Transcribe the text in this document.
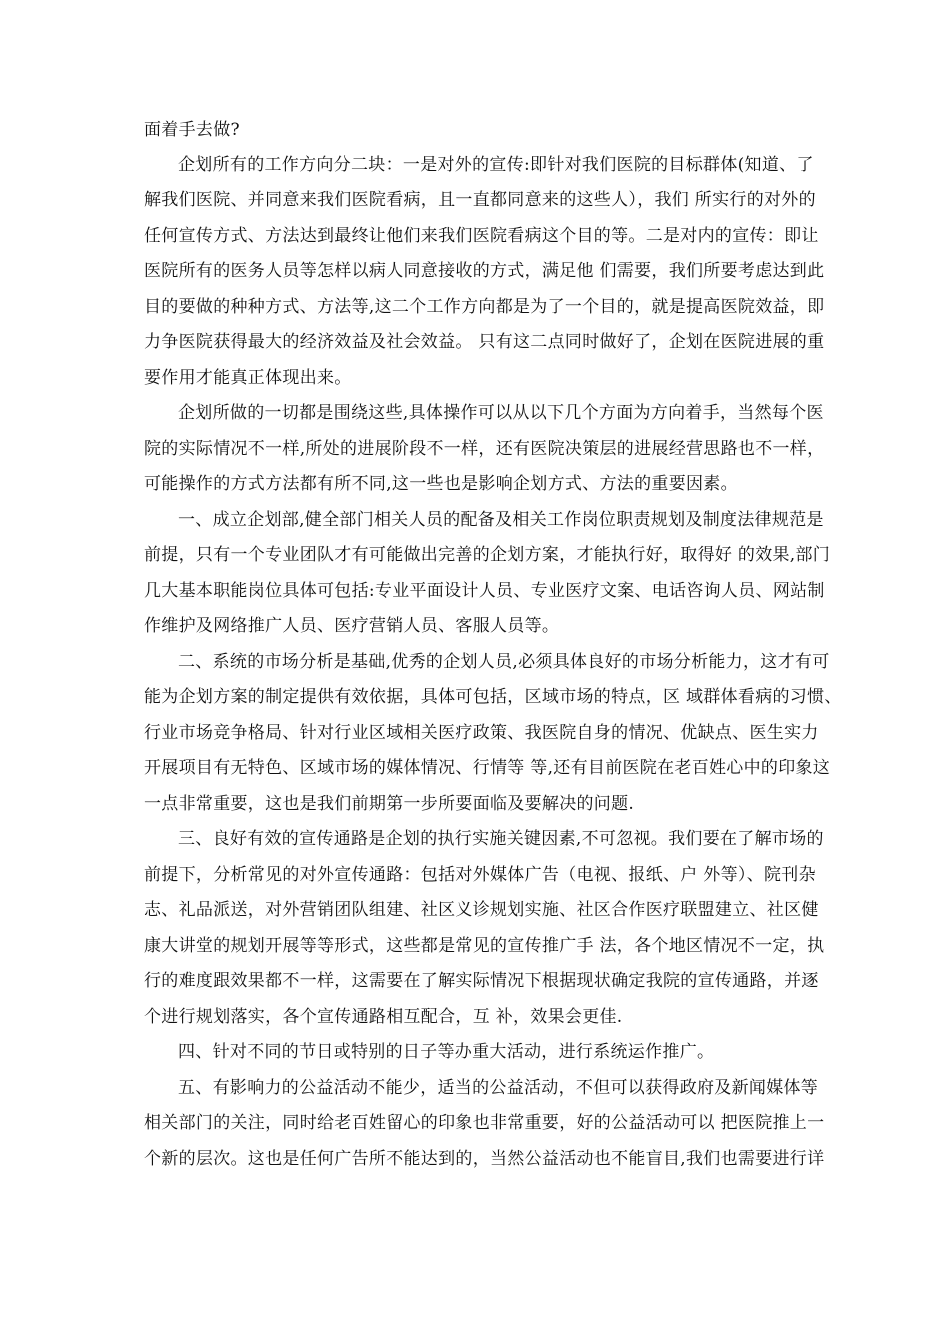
面着手去做?
企划所有的工作方向分二块：一是对外的宣传:即针对我们医院的目标群体(知道、了
解我们医院、并同意来我们医院看病，且一直都同意来的这些人），我们 所实行的对外的
任何宣传方式、方法达到最终让他们来我们医院看病这个目的等。二是对内的宣传：即让
医院所有的医务人员等怎样以病人同意接收的方式，满足他 们需要，我们所要考虑达到此
目的要做的种种方式、方法等,这二个工作方向都是为了一个目的，就是提高医院效益，即
力争医院获得最大的经济效益及社会效益。 只有这二点同时做好了，企划在医院进展的重
要作用才能真正体现出来。
企划所做的一切都是围绕这些,具体操作可以从以下几个方面为方向着手，当然每个医
院的实际情况不一样,所处的进展阶段不一样，还有医院决策层的进展经营思路也不一样，
可能操作的方式方法都有所不同,这一些也是影响企划方式、方法的重要因素。
一、成立企划部,健全部门相关人员的配备及相关工作岗位职责规划及制度法律规范是
前提，只有一个专业团队才有可能做出完善的企划方案，才能执行好，取得好 的效果,部门
几大基本职能岗位具体可包括:专业平面设计人员、专业医疗文案、电话咨询人员、网站制
作维护及网络推广人员、医疗营销人员、客服人员等。
二、系统的市场分析是基础,优秀的企划人员,必须具体良好的市场分析能力，这才有可
能为企划方案的制定提供有效依据，具体可包括，区域市场的特点，区 域群体看病的习惯、
行业市场竞争格局、针对行业区域相关医疗政策、我医院自身的情况、优缺点、医生实力
开展项目有无特色、区域市场的媒体情况、行情等 等,还有目前医院在老百姓心中的印象这
一点非常重要，这也是我们前期第一步所要面临及要解决的问题.
三、良好有效的宣传通路是企划的执行实施关键因素,不可忽视。我们要在了解市场的
前提下，分析常见的对外宣传通路：包括对外媒体广告（电视、报纸、户 外等）、院刊杂
志、礼品派送，对外营销团队组建、社区义诊规划实施、社区合作医疗联盟建立、社区健
康大讲堂的规划开展等等形式，这些都是常见的宣传推广手 法，各个地区情况不一定，执
行的难度跟效果都不一样，这需要在了解实际情况下根据现状确定我院的宣传通路，并逐
个进行规划落实，各个宣传通路相互配合，互 补，效果会更佳.
四、针对不同的节日或特别的日子等办重大活动，进行系统运作推广。
五、有影响力的公益活动不能少，适当的公益活动，不但可以获得政府及新闻媒体等
相关部门的关注，同时给老百姓留心的印象也非常重要，好的公益活动可以 把医院推上一
个新的层次。这也是任何广告所不能达到的，当然公益活动也不能盲目,我们也需要进行详
